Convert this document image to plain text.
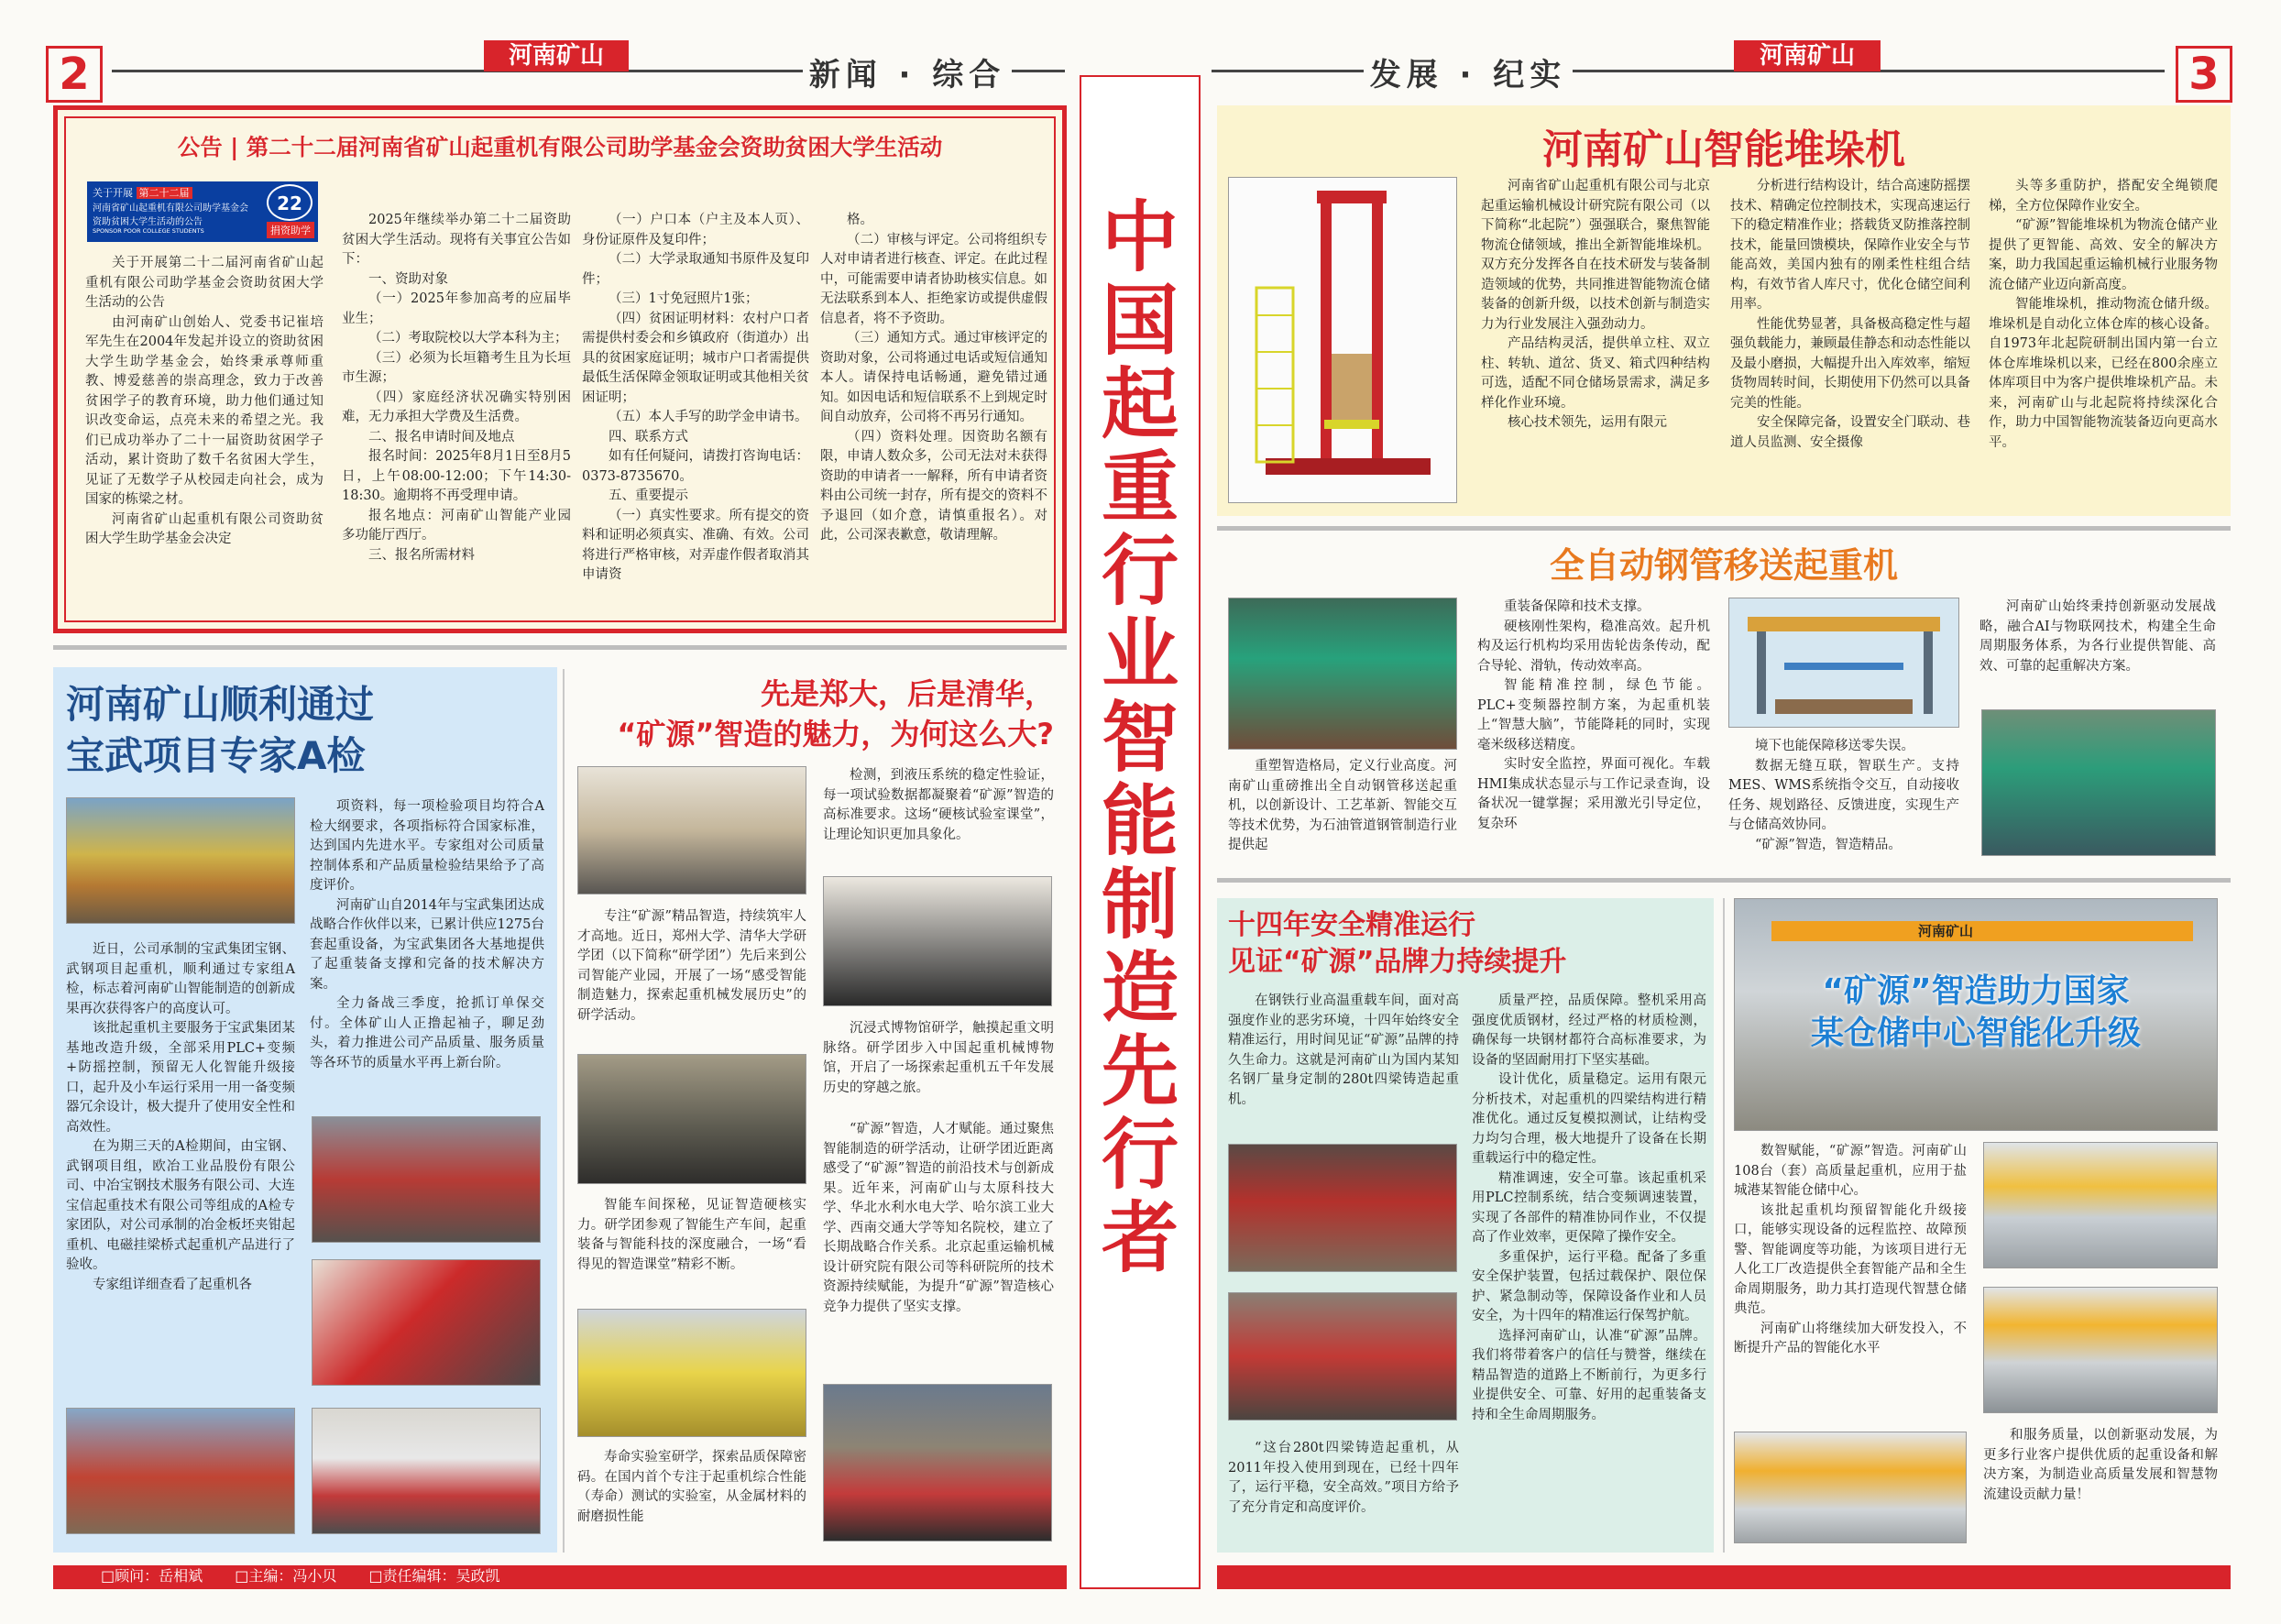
2	河南矿山
新闻 · 综合	发展 · 纪实
河南矿山	3
中
国
起
重
行
业
智
能
制
造
先
行
者
公告 | 第二十二届河南省矿山起重机有限公司助学基金会资助贫困大学生活动
关于开展 第二十二届
河南省矿山起重机有限公司助学基金会
资助贫困大学生活动的公告
SPONSOR POOR COLLEGE STUDENTS
22
捐资助学

关于开展第二十二届河南省矿山起重机有限公司助学基金会资助贫困大学生活动的公告

由河南矿山创始人、党委书记崔培军先生在2004年发起并设立的资助贫困大学生助学基金会，始终秉承尊师重教、博爱慈善的崇高理念，致力于改善贫困学子的教育环境，助力他们通过知识改变命运，点亮未来的希望之光。我们已成功举办了二十一届资助贫困学子活动，累计资助了数千名贫困大学生，见证了无数学子从校园走向社会，成为国家的栋梁之材。

河南省矿山起重机有限公司资助贫困大学生助学基金会决定

2025年继续举办第二十二届资助贫困大学生活动。现将有关事宜公告如下：

一、资助对象

（一）2025年参加高考的应届毕业生；

（二）考取院校以大学本科为主；

（三）必须为长垣籍考生且为长垣市生源；

（四）家庭经济状况确实特别困难，无力承担大学费及生活费。

二、报名申请时间及地点

报名时间：2025年8月1日至8月5日，上午08:00-12:00；下午14:30-18:30。逾期将不再受理申请。

报名地点：河南矿山智能产业园 多功能厅西厅。

三、报名所需材料

（一）户口本（户主及本人页）、身份证原件及复印件；

（二）大学录取通知书原件及复印件；

（三）1寸免冠照片1张；

（四）贫困证明材料：农村户口者需提供村委会和乡镇政府（街道办）出具的贫困家庭证明；城市户口者需提供最低生活保障金领取证明或其他相关贫困证明；

（五）本人手写的助学金申请书。

四、联系方式

如有任何疑问，请拨打咨询电话：0373-8735670。

五、重要提示

（一）真实性要求。所有提交的资料和证明必须真实、准确、有效。公司将进行严格审核，对弄虚作假者取消其申请资

格。

（二）审核与评定。公司将组织专人对申请者进行核查、评定。在此过程中，可能需要申请者协助核实信息。如无法联系到本人、拒绝家访或提供虚假信息者，将不予资助。

（三）通知方式。通过审核评定的资助对象，公司将通过电话或短信通知本人。请保持电话畅通，避免错过通知。如因电话和短信联系不上到规定时间自动放弃，公司将不再另行通知。

（四）资料处理。因资助名额有限，申请人数众多，公司无法对未获得资助的申请者一一解释，所有申请者资料由公司统一封存，所有提交的资料不予退回（如介意，请慎重报名）。对此，公司深表歉意，敬请理解。

河南矿山顺利通过
宝武项目专家A检

近日，公司承制的宝武集团宝钢、武钢项目起重机，顺利通过专家组A检，标志着河南矿山智能制造的创新成果再次获得客户的高度认可。

该批起重机主要服务于宝武集团某基地改造升级，全部采用PLC+变频+防摇控制，预留无人化智能升级接口，起升及小车运行采用一用一备变频器冗余设计，极大提升了使用安全性和高效性。

在为期三天的A检期间，由宝钢、武钢项目组，欧冶工业品股份有限公司、中冶宝钢技术服务有限公司、大连宝信起重技术有限公司等组成的A检专家团队，对公司承制的冶金板坯夹钳起重机、电磁挂梁桥式起重机产品进行了验收。

专家组详细查看了起重机各

项资料，每一项检验项目均符合A检大纲要求，各项指标符合国家标准，达到国内先进水平。专家组对公司质量控制体系和产品质量检验结果给予了高度评价。

河南矿山自2014年与宝武集团达成战略合作伙伴以来，已累计供应1275台套起重设备，为宝武集团各大基地提供了起重装备支撑和完备的技术解决方案。

全力备战三季度，抢抓订单保交付。全体矿山人正撸起袖子，聊足劲头，着力推进公司产品质量、服务质量等各环节的质量水平再上新台阶。

先是郑大，后是清华，
“矿源”智造的魅力，为何这么大?

专注“矿源”精品智造，持续筑牢人才高地。近日，郑州大学、清华大学研学团（以下简称“研学团”）先后来到公司智能产业园，开展了一场“感受智能制造魅力，探索起重机械发展历史”的研学活动。

智能车间探秘，见证智造硬核实力。研学团参观了智能生产车间，起重装备与智能科技的深度融合，一场“看得见的智造课堂”精彩不断。

寿命实验室研学，探索品质保障密码。在国内首个专注于起重机综合性能（寿命）测试的实验室，从金属材料的耐磨损性能

检测，到液压系统的稳定性验证，每一项试验数据都凝聚着“矿源”智造的高标准要求。这场“硬核试验室课堂”，让理论知识更加具象化。

沉浸式博物馆研学，触摸起重文明脉络。研学团步入中国起重机械博物馆，开启了一场探索起重机五千年发展历史的穿越之旅。

“矿源”智造，人才赋能。通过聚焦智能制造的研学活动，让研学团近距离感受了“矿源”智造的前沿技术与创新成果。近年来，河南矿山与太原科技大学、华北水利水电大学、哈尔滨工业大学、西南交通大学等知名院校，建立了长期战略合作关系。北京起重运输机械设计研究院有限公司等科研院所的技术资源持续赋能，为提升“矿源”智造核心竞争力提供了坚实支撑。

河南矿山智能堆垛机

河南省矿山起重机有限公司与北京起重运输机械设计研究院有限公司（以下简称“北起院”）强强联合，聚焦智能物流仓储领域，推出全新智能堆垛机。双方充分发挥各自在技术研发与装备制造领域的优势，共同推进智能物流仓储装备的创新升级，以技术创新与制造实力为行业发展注入强劲动力。

产品结构灵活，提供单立柱、双立柱、转轨、道岔、货叉、箱式四种结构可选，适配不同仓储场景需求，满足多样化作业环境。

核心技术领先，运用有限元

分析进行结构设计，结合高速防摇摆技术、精确定位控制技术，实现高速运行下的稳定精准作业；搭载货叉防推落控制技术，能量回馈模块，保障作业安全与节能高效，美国内独有的刚柔性柱组合结构，有效节省人库尺寸，优化仓储空间利用率。

性能优势显著，具备极高稳定性与超强负载能力，兼顾最佳静态和动态性能以及最小磨损，大幅提升出入库效率，缩短货物周转时间，长期使用下仍然可以具备完美的性能。

安全保障完备，设置安全门联动、巷道人员监测、安全摄像

头等多重防护，搭配安全绳锁爬梯，全方位保障作业安全。

“矿源”智能堆垛机为物流仓储产业提供了更智能、高效、安全的解决方案，助力我国起重运输机械行业服务物流仓储产业迈向新高度。

智能堆垛机，推动物流仓储升级。堆垛机是自动化立体仓库的核心设备。自1973年北起院研制出国内第一台立体仓库堆垛机以来，已经在800余座立体库项目中为客户提供堆垛机产品。未来，河南矿山与北起院将持续深化合作，助力中国智能物流装备迈向更高水平。

全自动钢管移送起重机

重塑智造格局，定义行业高度。河南矿山重磅推出全自动钢管移送起重机，以创新设计、工艺革新、智能交互等技术优势，为石油管道钢管制造行业提供起

重装备保障和技术支撑。

硬核刚性架构，稳准高效。起升机构及运行机构均采用齿轮齿条传动，配合导轮、滑轨，传动效率高。

智能精准控制，绿色节能。PLC+变频器控制方案，为起重机装上“智慧大脑”，节能降耗的同时，实现毫米级移送精度。

实时安全监控，界面可视化。车载HMI集成状态显示与工作记录查询，设备状况一键掌握；采用激光引导定位，复杂环

境下也能保障移送零失误。

数据无缝互联，智联生产。支持MES、WMS系统指令交互，自动接收任务、规划路径、反馈进度，实现生产与仓储高效协同。

“矿源”智造，智造精品。

河南矿山始终秉持创新驱动发展战略，融合AI与物联网技术，构建全生命周期服务体系，为各行业提供智能、高效、可靠的起重解决方案。

十四年安全精准运行
见证“矿源”品牌力持续提升

在钢铁行业高温重载车间，面对高强度作业的恶劣环境，十四年始终安全精准运行，用时间见证“矿源”品牌的持久生命力。这就是河南矿山为国内某知名钢厂量身定制的280t四梁铸造起重机。

“这台280t四梁铸造起重机，从2011年投入使用到现在，已经十四年了，运行平稳，安全高效。”项目方给予了充分肯定和高度评价。

质量严控，品质保障。整机采用高强度优质钢材，经过严格的材质检测，确保每一块钢材都符合高标准要求，为设备的坚固耐用打下坚实基础。

设计优化，质量稳定。运用有限元分析技术，对起重机的四梁结构进行精准优化。通过反复模拟测试，让结构受力均匀合理，极大地提升了设备在长期重载运行中的稳定性。

精准调速，安全可靠。该起重机采用PLC控制系统，结合变频调速装置，实现了各部件的精准协同作业，不仅提高了作业效率，更保障了操作安全。

多重保护，运行平稳。配备了多重安全保护装置，包括过载保护、限位保护、紧急制动等，保障设备作业和人员安全，为十四年的精准运行保驾护航。

选择河南矿山，认准“矿源”品牌。我们将带着客户的信任与赞誉，继续在精品智造的道路上不断前行，为更多行业提供安全、可靠、好用的起重装备支持和全生命周期服务。

河南矿山
“矿源”智造助力国家
某仓储中心智能化升级

数智赋能，“矿源”智造。河南矿山108台（套）高质量起重机，应用于盐城港某智能仓储中心。

该批起重机均预留智能化升级接口，能够实现设备的远程监控、故障预警、智能调度等功能，为该项目进行无人化工厂改造提供全套智能产品和全生命周期服务，助力其打造现代智慧仓储典范。

河南矿山将继续加大研发投入，不断提升产品的智能化水平

和服务质量，以创新驱动发展，为更多行业客户提供优质的起重设备和解决方案，为制造业高质量发展和智慧物流建设贡献力量！

□顾问：岳相斌 □主编：冯小贝 □责任编辑：吴政凯
